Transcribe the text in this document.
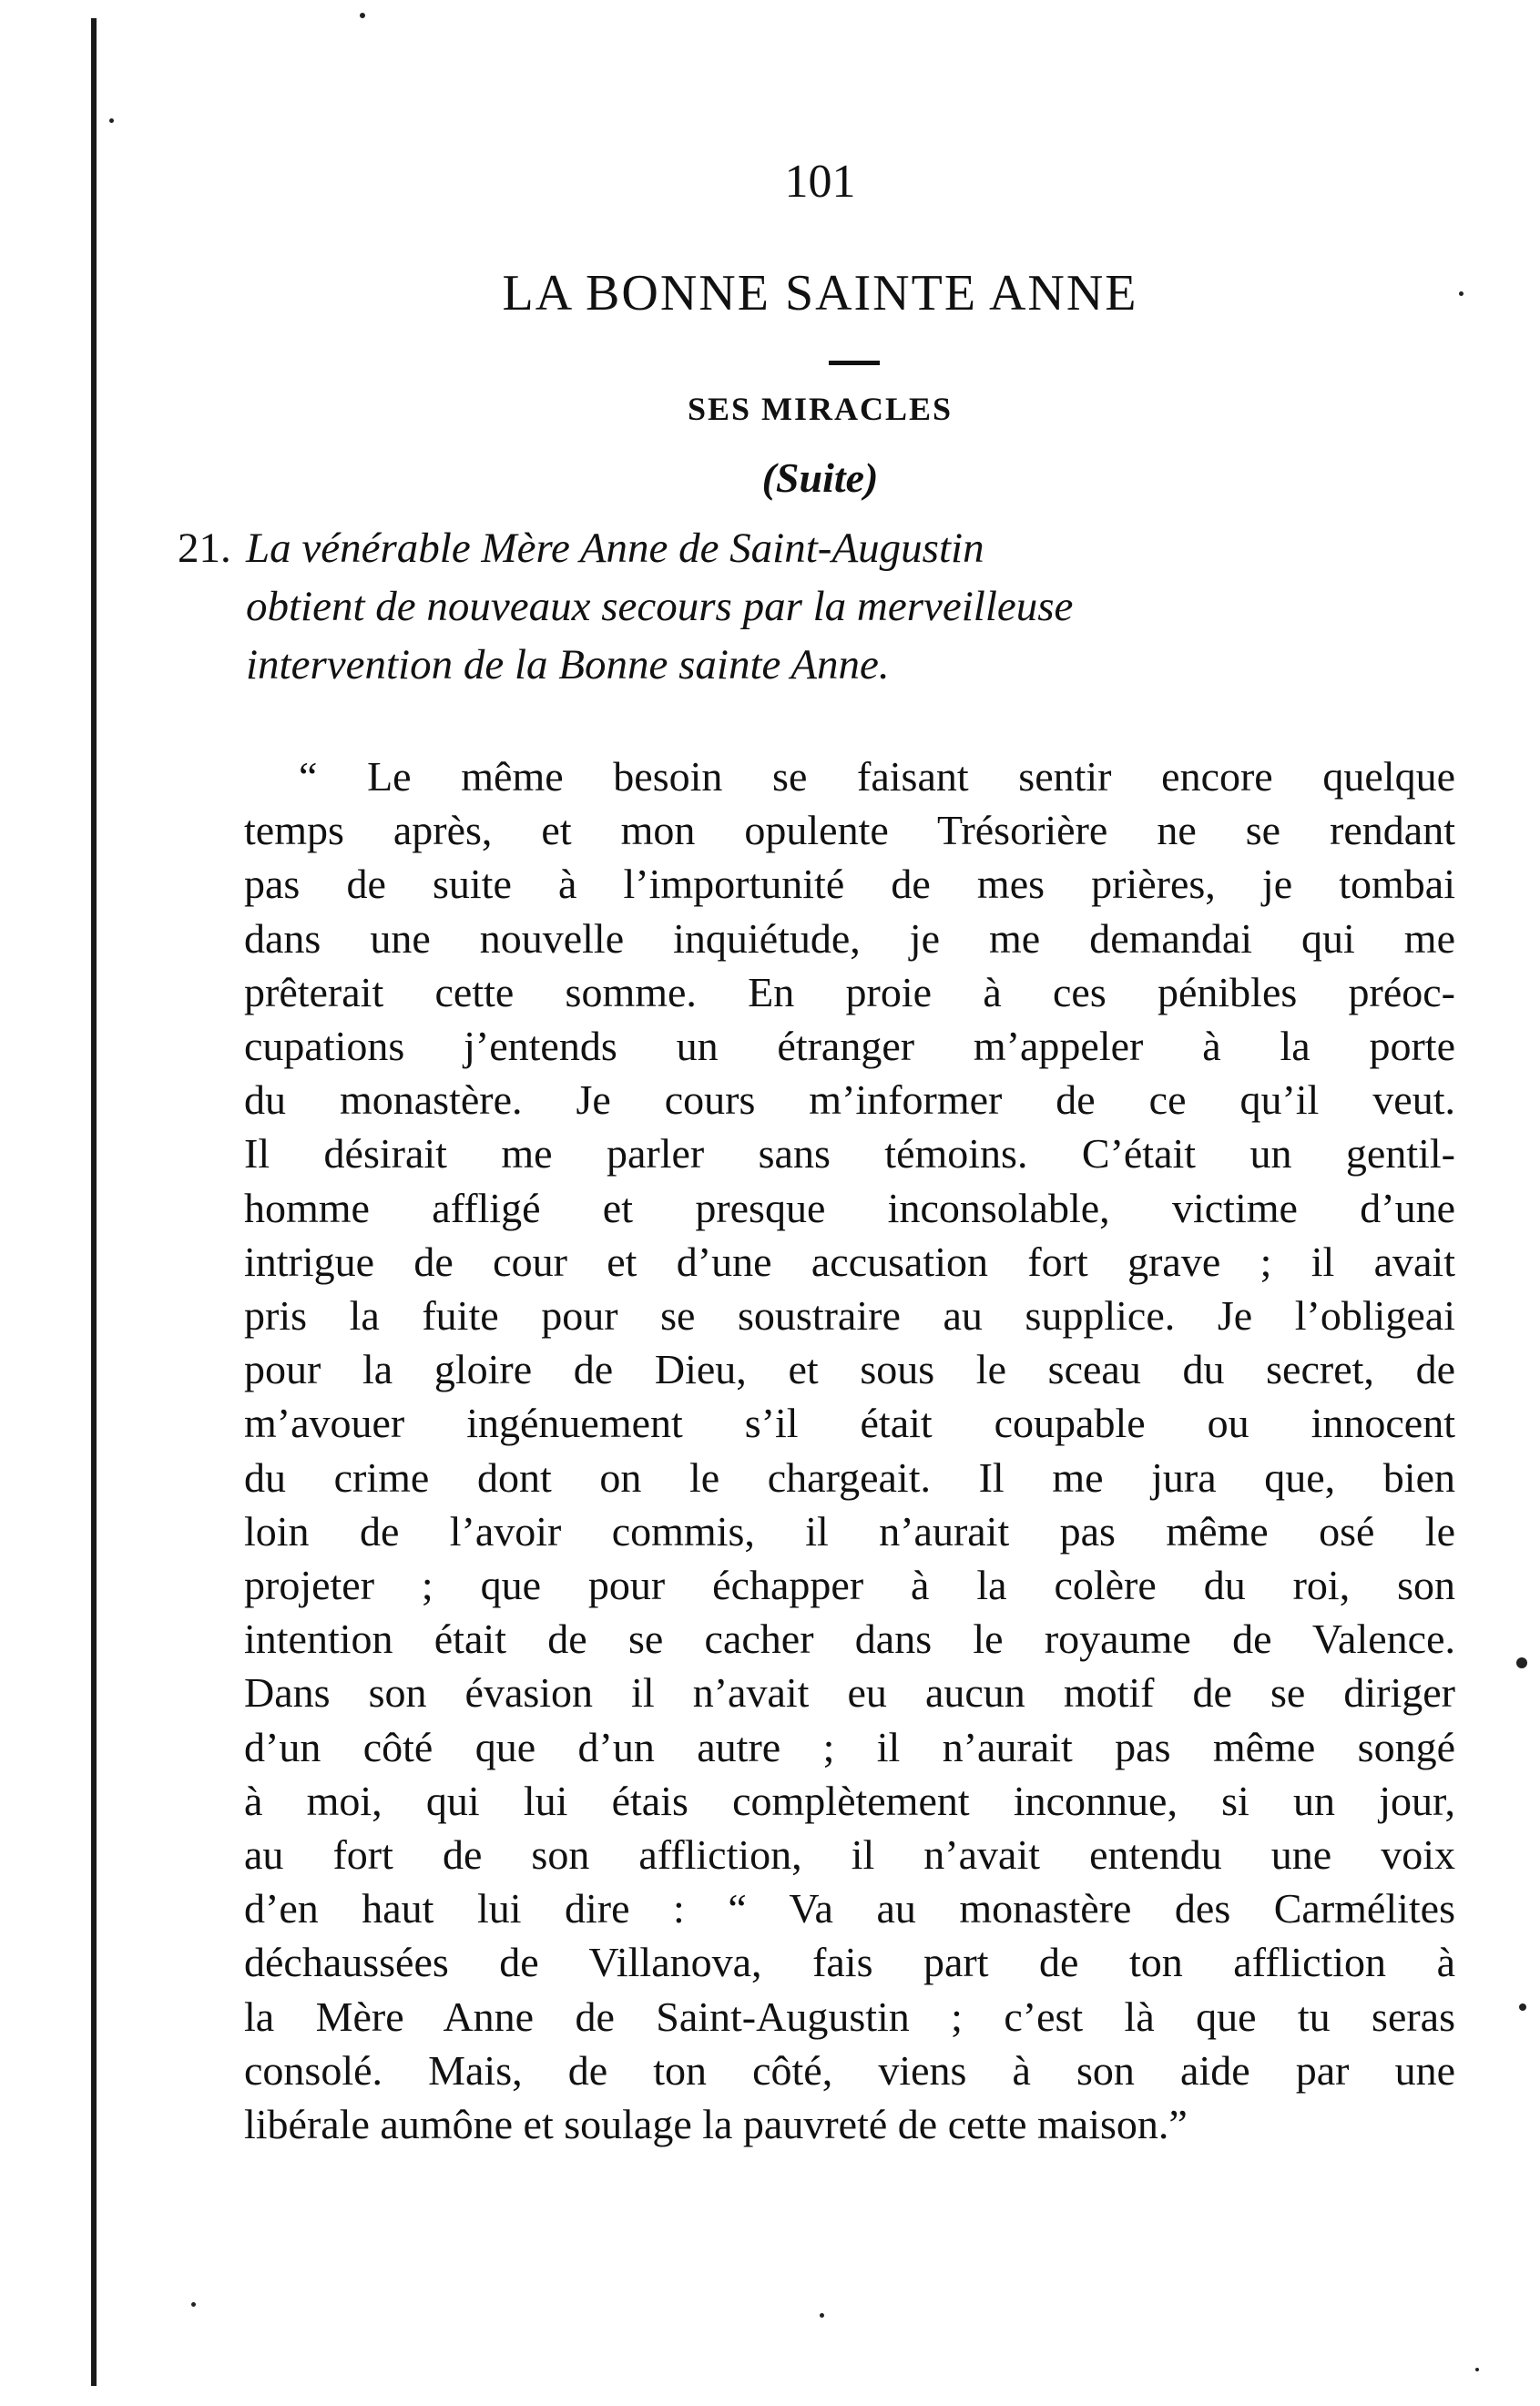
101
LA BONNE SAINTE ANNE
SES MIRACLES
(Suite)
21. La vénérable Mère Anne de Saint-Augustin
obtient de nouveaux secours par la merveilleuse
intervention de la Bonne sainte Anne.
“ Le même besoin se faisant sentir encore quelque
temps après, et mon opulente Trésorière ne se rendant
pas de suite à l’importunité de mes prières, je tombai
dans une nouvelle inquiétude, je me demandai qui me
prêterait cette somme. En proie à ces pénibles préoc-
cupations j’entends un étranger m’appeler à la porte
du monastère. Je cours m’informer de ce qu’il veut.
Il désirait me parler sans témoins. C’était un gentil-
homme affligé et presque inconsolable, victime d’une
intrigue de cour et d’une accusation fort grave ; il avait
pris la fuite pour se soustraire au supplice. Je l’obligeai
pour la gloire de Dieu, et sous le sceau du secret, de
m’avouer ingénuement s’il était coupable ou innocent
du crime dont on le chargeait. Il me jura que, bien
loin de l’avoir commis, il n’aurait pas même osé le
projeter ; que pour échapper à la colère du roi, son
intention était de se cacher dans le royaume de Valence.
Dans son évasion il n’avait eu aucun motif de se diriger
d’un côté que d’un autre ; il n’aurait pas même songé
à moi, qui lui étais complètement inconnue, si un jour,
au fort de son affliction, il n’avait entendu une voix
d’en haut lui dire : “ Va au monastère des Carmélites
déchaussées de Villanova, fais part de ton affliction à
la Mère Anne de Saint-Augustin ; c’est là que tu seras
consolé. Mais, de ton côté, viens à son aide par une
libérale aumône et soulage la pauvreté de cette maison.”
